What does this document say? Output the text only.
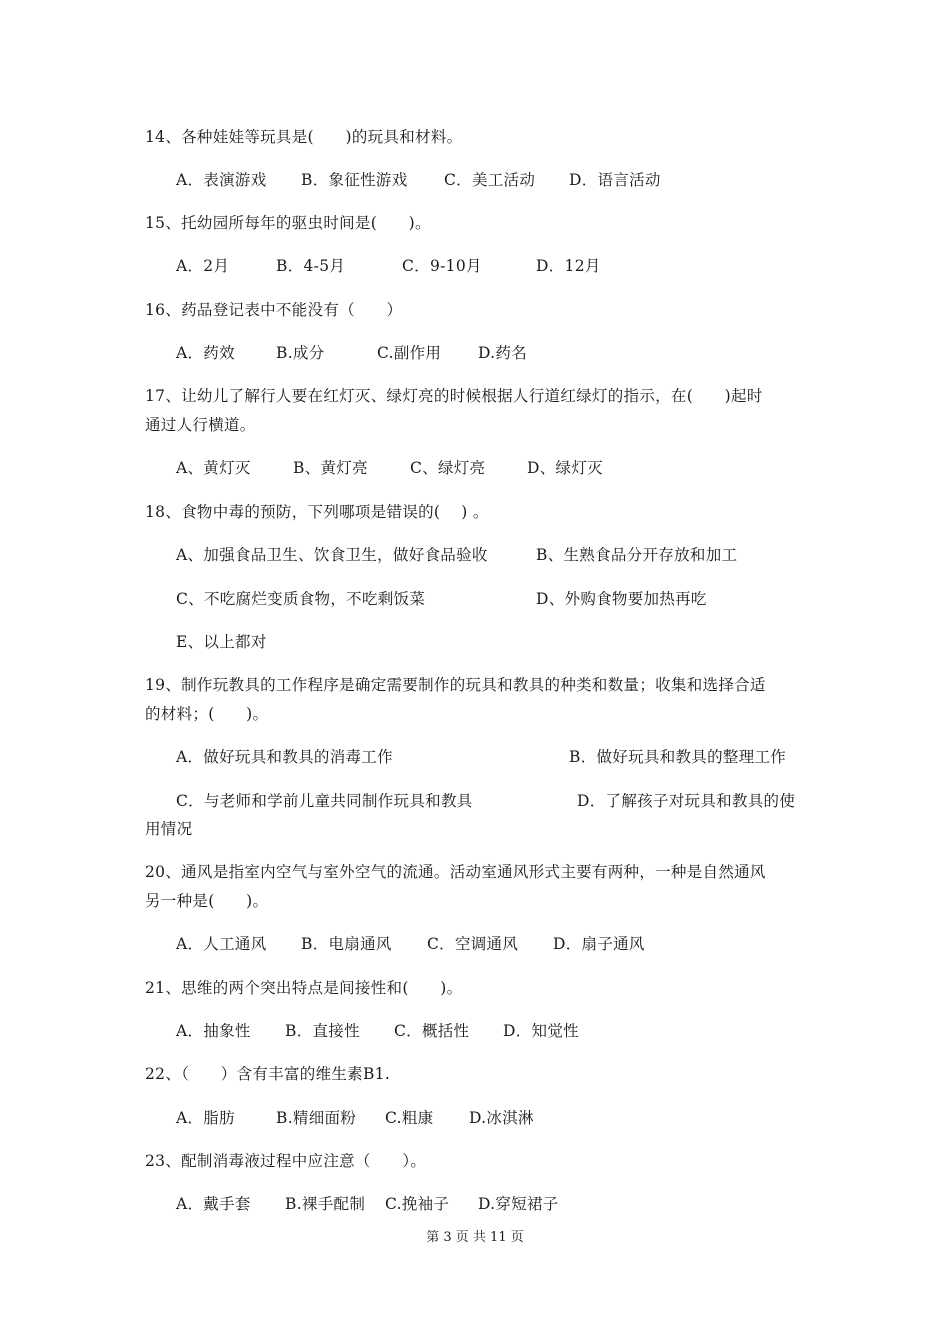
14、各种娃娃等玩具是(　　)的玩具和材料。
A．表演游戏 B．象征性游戏 C．美工活动 D．语言活动
15、托幼园所每年的驱虫时间是(　　)。
A．2月	B．4-5月	C．9-10月	D．12月
16、药品登记表中不能没有（　　）
A．药效	B.成分	C.副作用 D.药名
17、让幼儿了解行人要在红灯灭、绿灯亮的时候根据人行道红绿灯的指示，在(　　)起时
通过人行横道。
A、黄灯灭	B、黄灯亮	C、绿灯亮	D、绿灯灭
18、食物中毒的预防，下列哪项是错误的(　 ) 。
A、加强食品卫生、饮食卫生，做好食品验收	B、生熟食品分开存放和加工
C、不吃腐烂变质食物，不吃剩饭菜	D、外购食物要加热再吃
E、以上都对
19、制作玩教具的工作程序是确定需要制作的玩具和教具的种类和数量；收集和选择合适
的材料；(　　)。
A．做好玩具和教具的消毒工作	B．做好玩具和教具的整理工作
C．与老师和学前儿童共同制作玩具和教具	D．了解孩子对玩具和教具的使
用情况
20、通风是指室内空气与室外空气的流通。活动室通风形式主要有两种，一种是自然通风
另一种是(　　)。
A．人工通风 B．电扇通风 C．空调通风 D．扇子通风
21、思维的两个突出特点是间接性和(　　)。
A．抽象性 B．直接性 C．概括性 D．知觉性
22、（　　）含有丰富的维生素B1.
A．脂肪	B.精细面粉 C.粗康 D.冰淇淋
23、配制消毒液过程中应注意（　　）。
A．戴手套 B.裸手配制 C.挽袖子 D.穿短裙子
第 3 页 共 11 页
